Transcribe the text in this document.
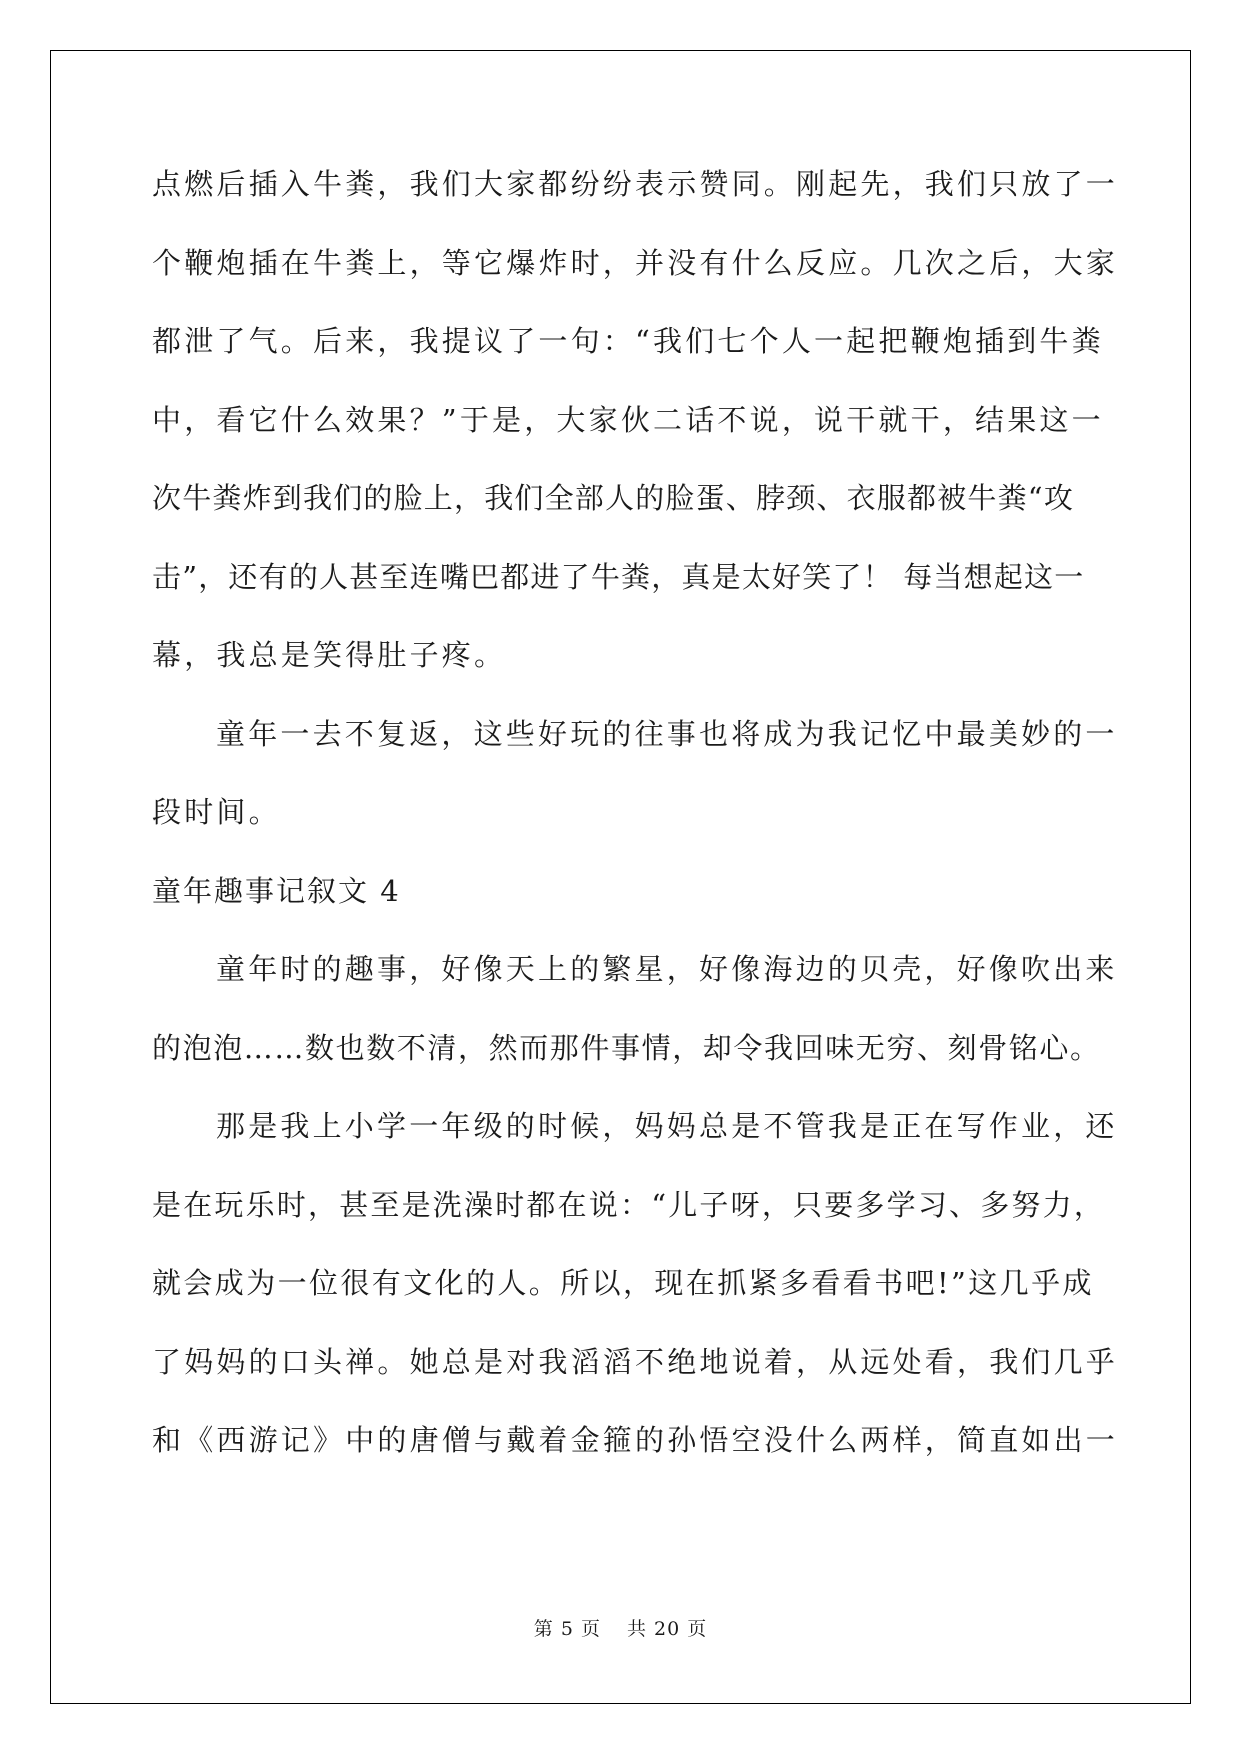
点燃后插入牛粪，我们大家都纷纷表示赞同。刚起先，我们只放了一
个鞭炮插在牛粪上，等它爆炸时，并没有什么反应。几次之后，大家
都泄了气。后来，我提议了一句：“我们七个人一起把鞭炮插到牛粪
中，看它什么效果？”于是，大家伙二话不说，说干就干，结果这一
次牛粪炸到我们的脸上，我们全部人的脸蛋、脖颈、衣服都被牛粪“攻
击”，还有的人甚至连嘴巴都进了牛粪，真是太好笑了！ 每当想起这一
幕，我总是笑得肚子疼。
童年一去不复返，这些好玩的往事也将成为我记忆中最美妙的一
段时间。
童年趣事记叙文 4
童年时的趣事，好像天上的繁星，好像海边的贝壳，好像吹出来
的泡泡……数也数不清，然而那件事情，却令我回味无穷、刻骨铭心。
那是我上小学一年级的时候，妈妈总是不管我是正在写作业，还
是在玩乐时，甚至是洗澡时都在说：“儿子呀，只要多学习、多努力，
就会成为一位很有文化的人。所以，现在抓紧多看看书吧!”这几乎成
了妈妈的口头禅。她总是对我滔滔不绝地说着，从远处看，我们几乎
和《西游记》中的唐僧与戴着金箍的孙悟空没什么两样，简直如出一
第 5 页 共 20 页
